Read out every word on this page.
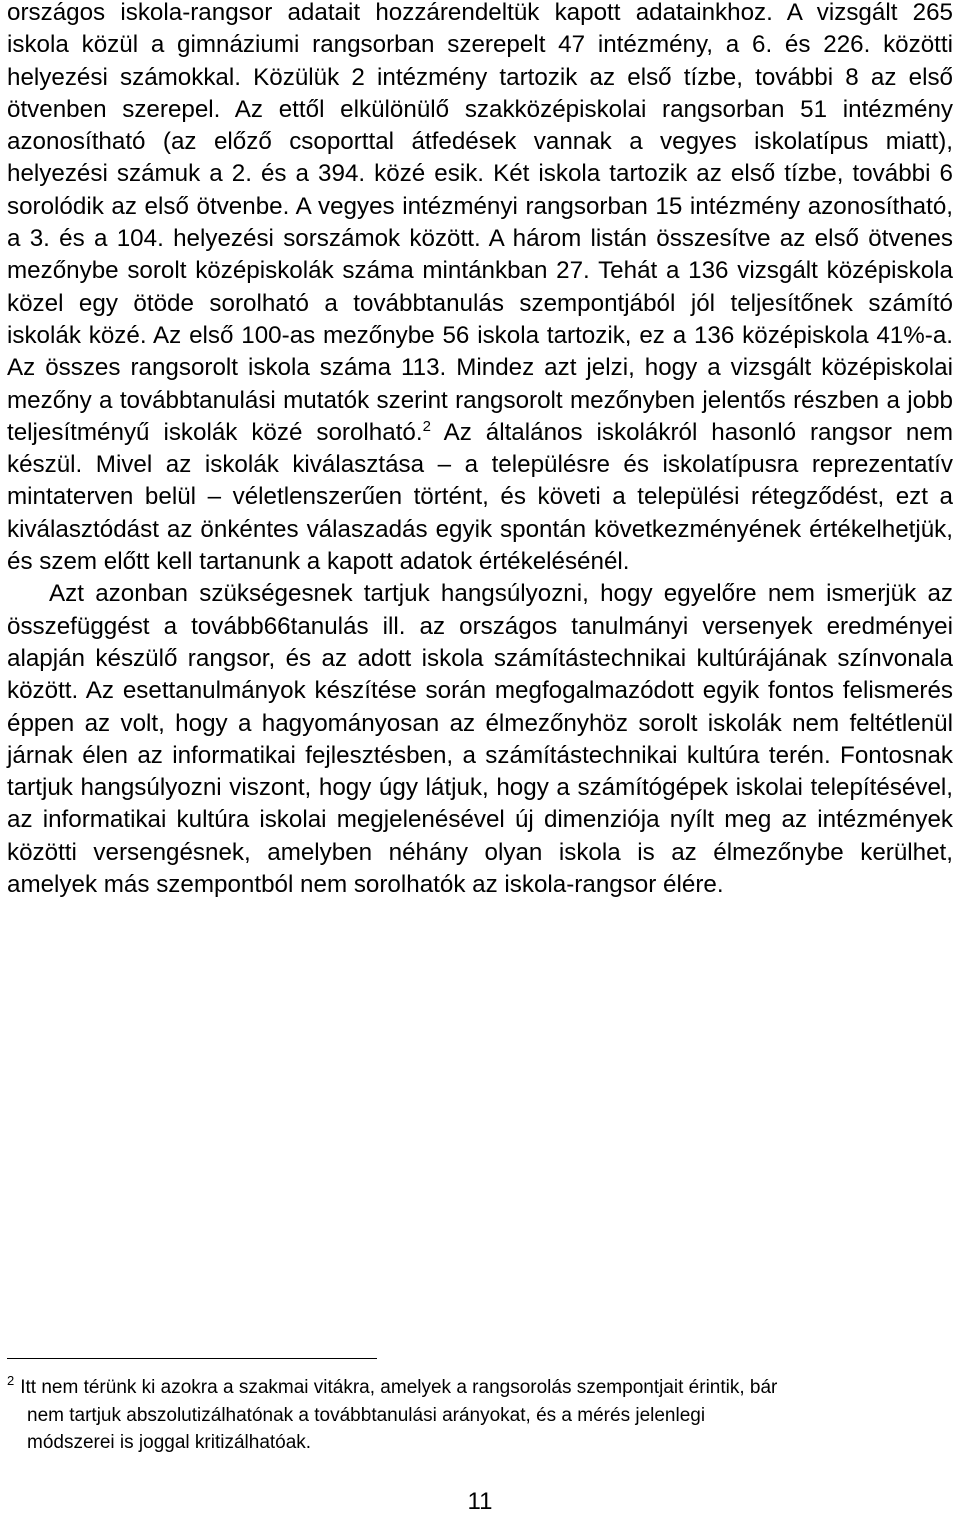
országos iskola-rangsor adatait hozzárendeltük kapott adatainkhoz. A vizsgált 265 iskola közül a gimnáziumi rangsorban szerepelt 47 intézmény, a 6. és 226. közötti helyezési számokkal. Közülük 2 intézmény tartozik az első tízbe, további 8 az első ötvenben szerepel. Az ettől elkülönülő szakközépiskolai rangsorban 51 intézmény azonosítható (az előző csoporttal átfedések vannak a vegyes iskolatípus miatt), helyezési számuk a 2. és a 394. közé esik. Két iskola tartozik az első tízbe, további 6 sorolódik az első ötvenbe. A vegyes intézményi rangsorban 15 intézmény azonosítható, a 3. és a 104. helyezési sorszámok között. A három listán összesítve az első ötvenes mezőnybe sorolt középiskolák száma mintánkban 27. Tehát a 136 vizsgált középiskola közel egy ötöde sorolható a továbbtanulás szempontjából jól teljesítőnek számító iskolák közé. Az első 100-as mezőnybe 56 iskola tartozik, ez a 136 középiskola 41%-a. Az összes rangsorolt iskola száma 113. Mindez azt jelzi, hogy a vizsgált középiskolai mezőny a továbbtanulási mutatók szerint rangsorolt mezőnyben jelentős részben a jobb teljesítményű iskolák közé sorolható.$^2$ Az általános iskolákról hasonló rangsor nem készül. Mivel az iskolák kiválasztása – a településre és iskolatípusra reprezentatív mintaterven belül – véletlenszerűen történt, és követi a települési rétegződést, ezt a kiválasztódást az önkéntes válaszadás egyik spontán következményének értékelhetjük, és szem előtt kell tartanunk a kapott adatok értékelésénél.

Azt azonban szükségesnek tartjuk hangsúlyozni, hogy egyelőre nem ismerjük az összefüggést a tovább66tanulás ill. az országos tanulmányi versenyek eredményei alapján készülő rangsor, és az adott iskola számítástechnikai kultúrájának színvonala között. Az esettanulmányok készítése során megfogalmazódott egyik fontos felismerés éppen az volt, hogy a hagyományosan az élmezőnyhöz sorolt iskolák nem feltétlenül járnak élen az informatikai fejlesztésben, a számítástechnikai kultúra terén. Fontosnak tartjuk hangsúlyozni viszont, hogy úgy látjuk, hogy a számítógépek iskolai telepítésével, az informatikai kultúra iskolai megjelenésével új dimenziója nyílt meg az intézmények közötti versengésnek, amelyben néhány olyan iskola is az élmezőnybe kerülhet, amelyek más szempontból nem sorolhatók az iskola-rangsor élére.

$^2$ Itt nem térünk ki azokra a szakmai vitákra, amelyek a rangsorolás szempontjait érintik, bár
nem tartjuk abszolutizálhatónak a továbbtanulási arányokat, és a mérés jelenlegi
módszerei is joggal kritizálhatóak.
11
